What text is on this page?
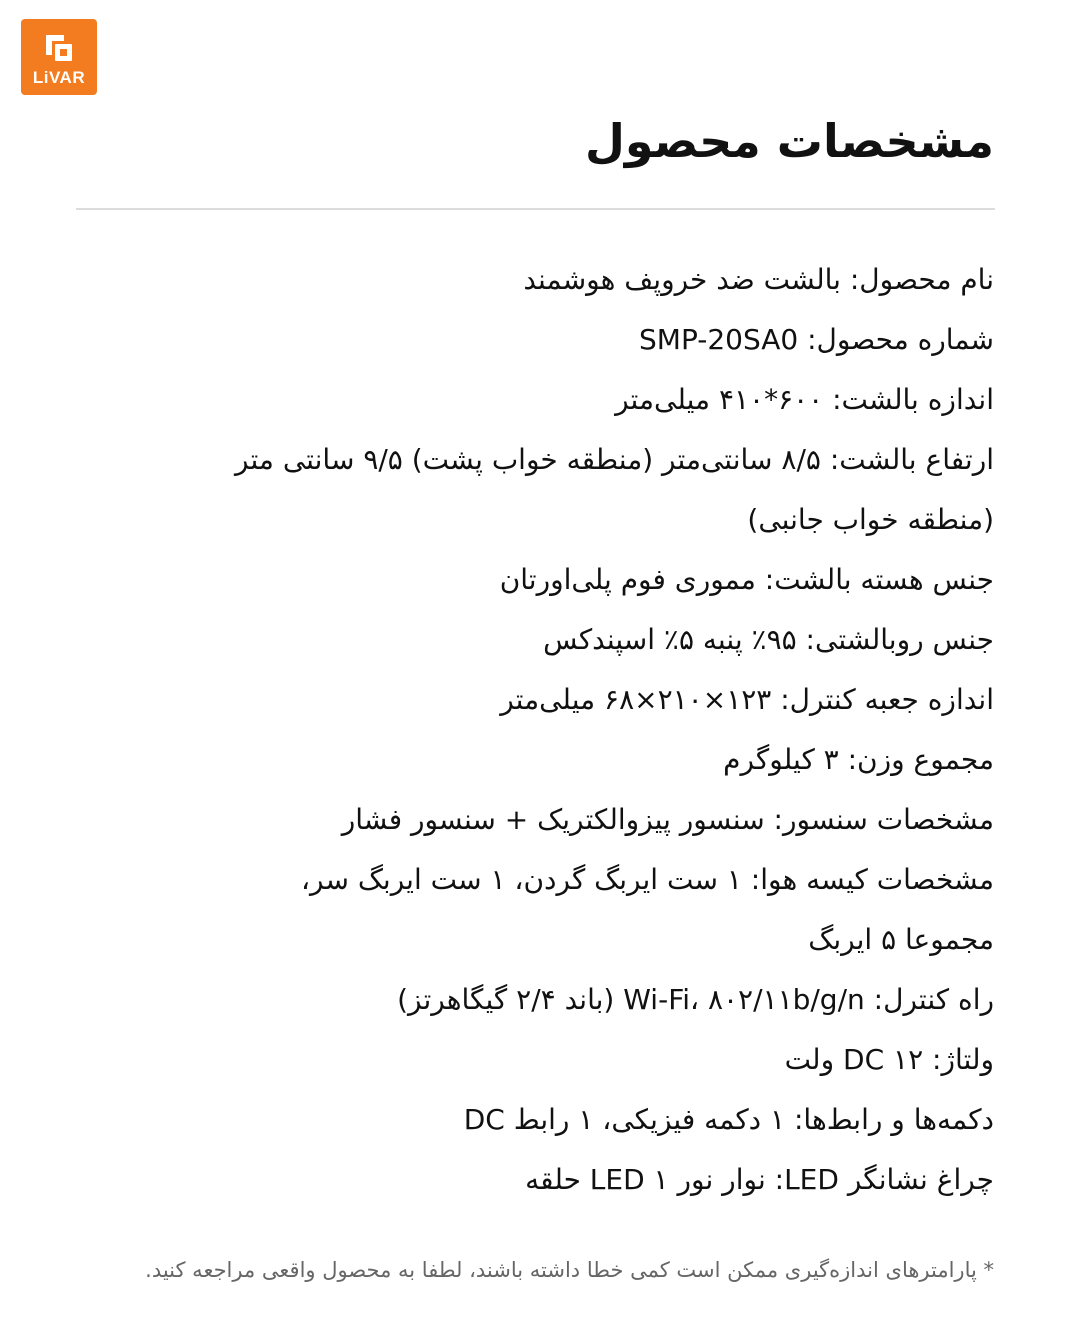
LiVAR
مشخصات محصول
نام محصول: بالشت ضد خروپف هوشمند
شماره محصول: SMP-20SA0
اندازه بالشت: ۶۰۰*۴۱۰ میلی‌متر
ارتفاع بالشت: ۸/۵ سانتی‌متر (منطقه خواب پشت) ۹/۵ سانتی متر (منطقه خواب جانبی)
جنس هسته بالشت: مموری فوم پلی‌اورتان
جنس روبالشتی: ۹۵٪ پنبه ۵٪ اسپندکس
اندازه جعبه کنترل: ۱۲۳×۲۱۰×۶۸ میلی‌متر
مجموع وزن: ۳ کیلوگرم
مشخصات سنسور: سنسور پیزوالکتریک + سنسور فشار
مشخصات کیسه هوا: ۱ ست ایربگ گردن، ۱ ست ایربگ سر، مجموعا ۵ ایربگ
راه کنترل: Wi-Fi، ۸۰۲/۱۱b/g/n (باند ۲/۴ گیگاهرتز)
ولتاژ: DC ۱۲ ولت
دکمه‌ها و رابط‌ها: ۱ دکمه فیزیکی، ۱ رابط DC
چراغ نشانگر LED: نوار نور LED ۱ حلقه
* پارامترهای اندازه‌گیری ممکن است کمی خطا داشته باشند، لطفا به محصول واقعی مراجعه کنید.
